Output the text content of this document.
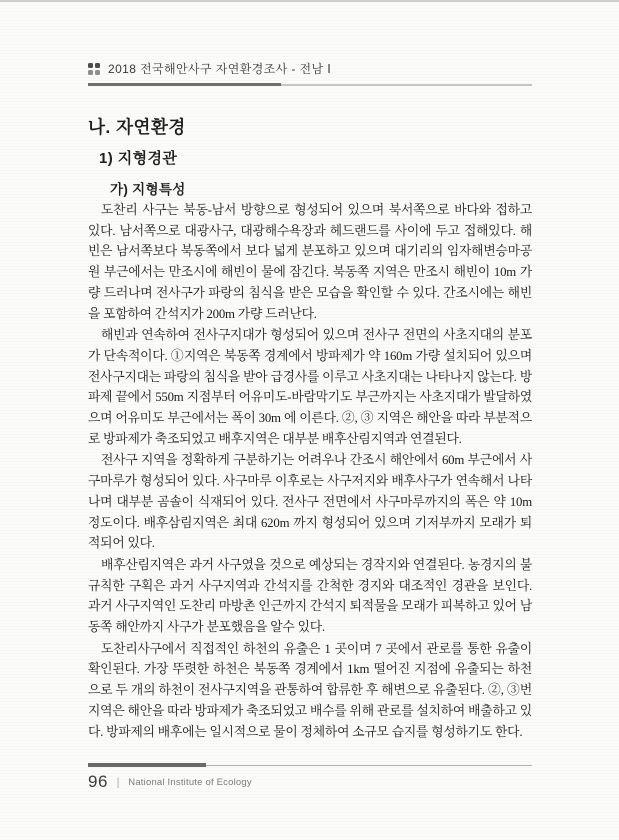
2018 전국해안사구 자연환경조사 - 전남 Ⅰ
나. 자연환경
1) 지형경관
가) 지형특성

도찬리 사구는 북동-남서 방향으로 형성되어 있으며 북서쪽으로 바다와 접하고 있다. 남서쪽으로 대광사구, 대광해수욕장과 헤드랜드를 사이에 두고 접해있다. 해빈은 남서쪽보다 북동쪽에서 보다 넓게 분포하고 있으며 대기리의 임자해변승마공원 부근에서는 만조시에 해빈이 물에 잠긴다. 북동쪽 지역은 만조시 해빈이 10m 가량 드러나며 전사구가 파랑의 침식을 받은 모습을 확인할 수 있다. 간조시에는 해빈을 포함하여 간석지가 200m 가량 드러난다.

해빈과 연속하여 전사구지대가 형성되어 있으며 전사구 전면의 사초지대의 분포가 단속적이다. ①지역은 북동쪽 경계에서 방파제가 약 160m 가량 설치되어 있으며 전사구지대는 파랑의 침식을 받아 급경사를 이루고 사초지대는 나타나지 않는다. 방파제 끝에서 550m 지점부터 어유미도-바람막기도 부근까지는 사초지대가 발달하였으며 어유미도 부근에서는 폭이 30m 에 이른다. ②, ③ 지역은 해안을 따라 부분적으로 방파제가 축조되었고 배후지역은 대부분 배후산림지역과 연결된다.

전사구 지역을 정확하게 구분하기는 어려우나 간조시 해안에서 60m 부근에서 사구마루가 형성되어 있다. 사구마루 이후로는 사구저지와 배후사구가 연속해서 나타나며 대부분 곰솔이 식재되어 있다. 전사구 전면에서 사구마루까지의 폭은 약 10m 정도이다. 배후삼림지역은 최대 620m 까지 형성되어 있으며 기저부까지 모래가 퇴적되어 있다.

배후산림지역은 과거 사구였을 것으로 예상되는 경작지와 연결된다. 농경지의 불규칙한 구획은 과거 사구지역과 간석지를 간척한 경지와 대조적인 경관을 보인다. 과거 사구지역인 도찬리 마방촌 인근까지 간석지 퇴적물을 모래가 피복하고 있어 남동쪽 해안까지 사구가 분포했음을 알수 있다.

도찬리사구에서 직접적인 하천의 유출은 1 곳이며 7 곳에서 관로를 통한 유출이 확인된다. 가장 뚜렷한 하천은 북동쪽 경계에서 1km 떨어진 지점에 유출되는 하천으로 두 개의 하천이 전사구지역을 관통하여 합류한 후 해변으로 유출된다. ②, ③번 지역은 해안을 따라 방파제가 축조되었고 배수를 위해 관로를 설치하여 배출하고 있다. 방파제의 배후에는 일시적으로 물이 정체하여 소규모 습지를 형성하기도 한다.

96 | National Institute of Ecology
